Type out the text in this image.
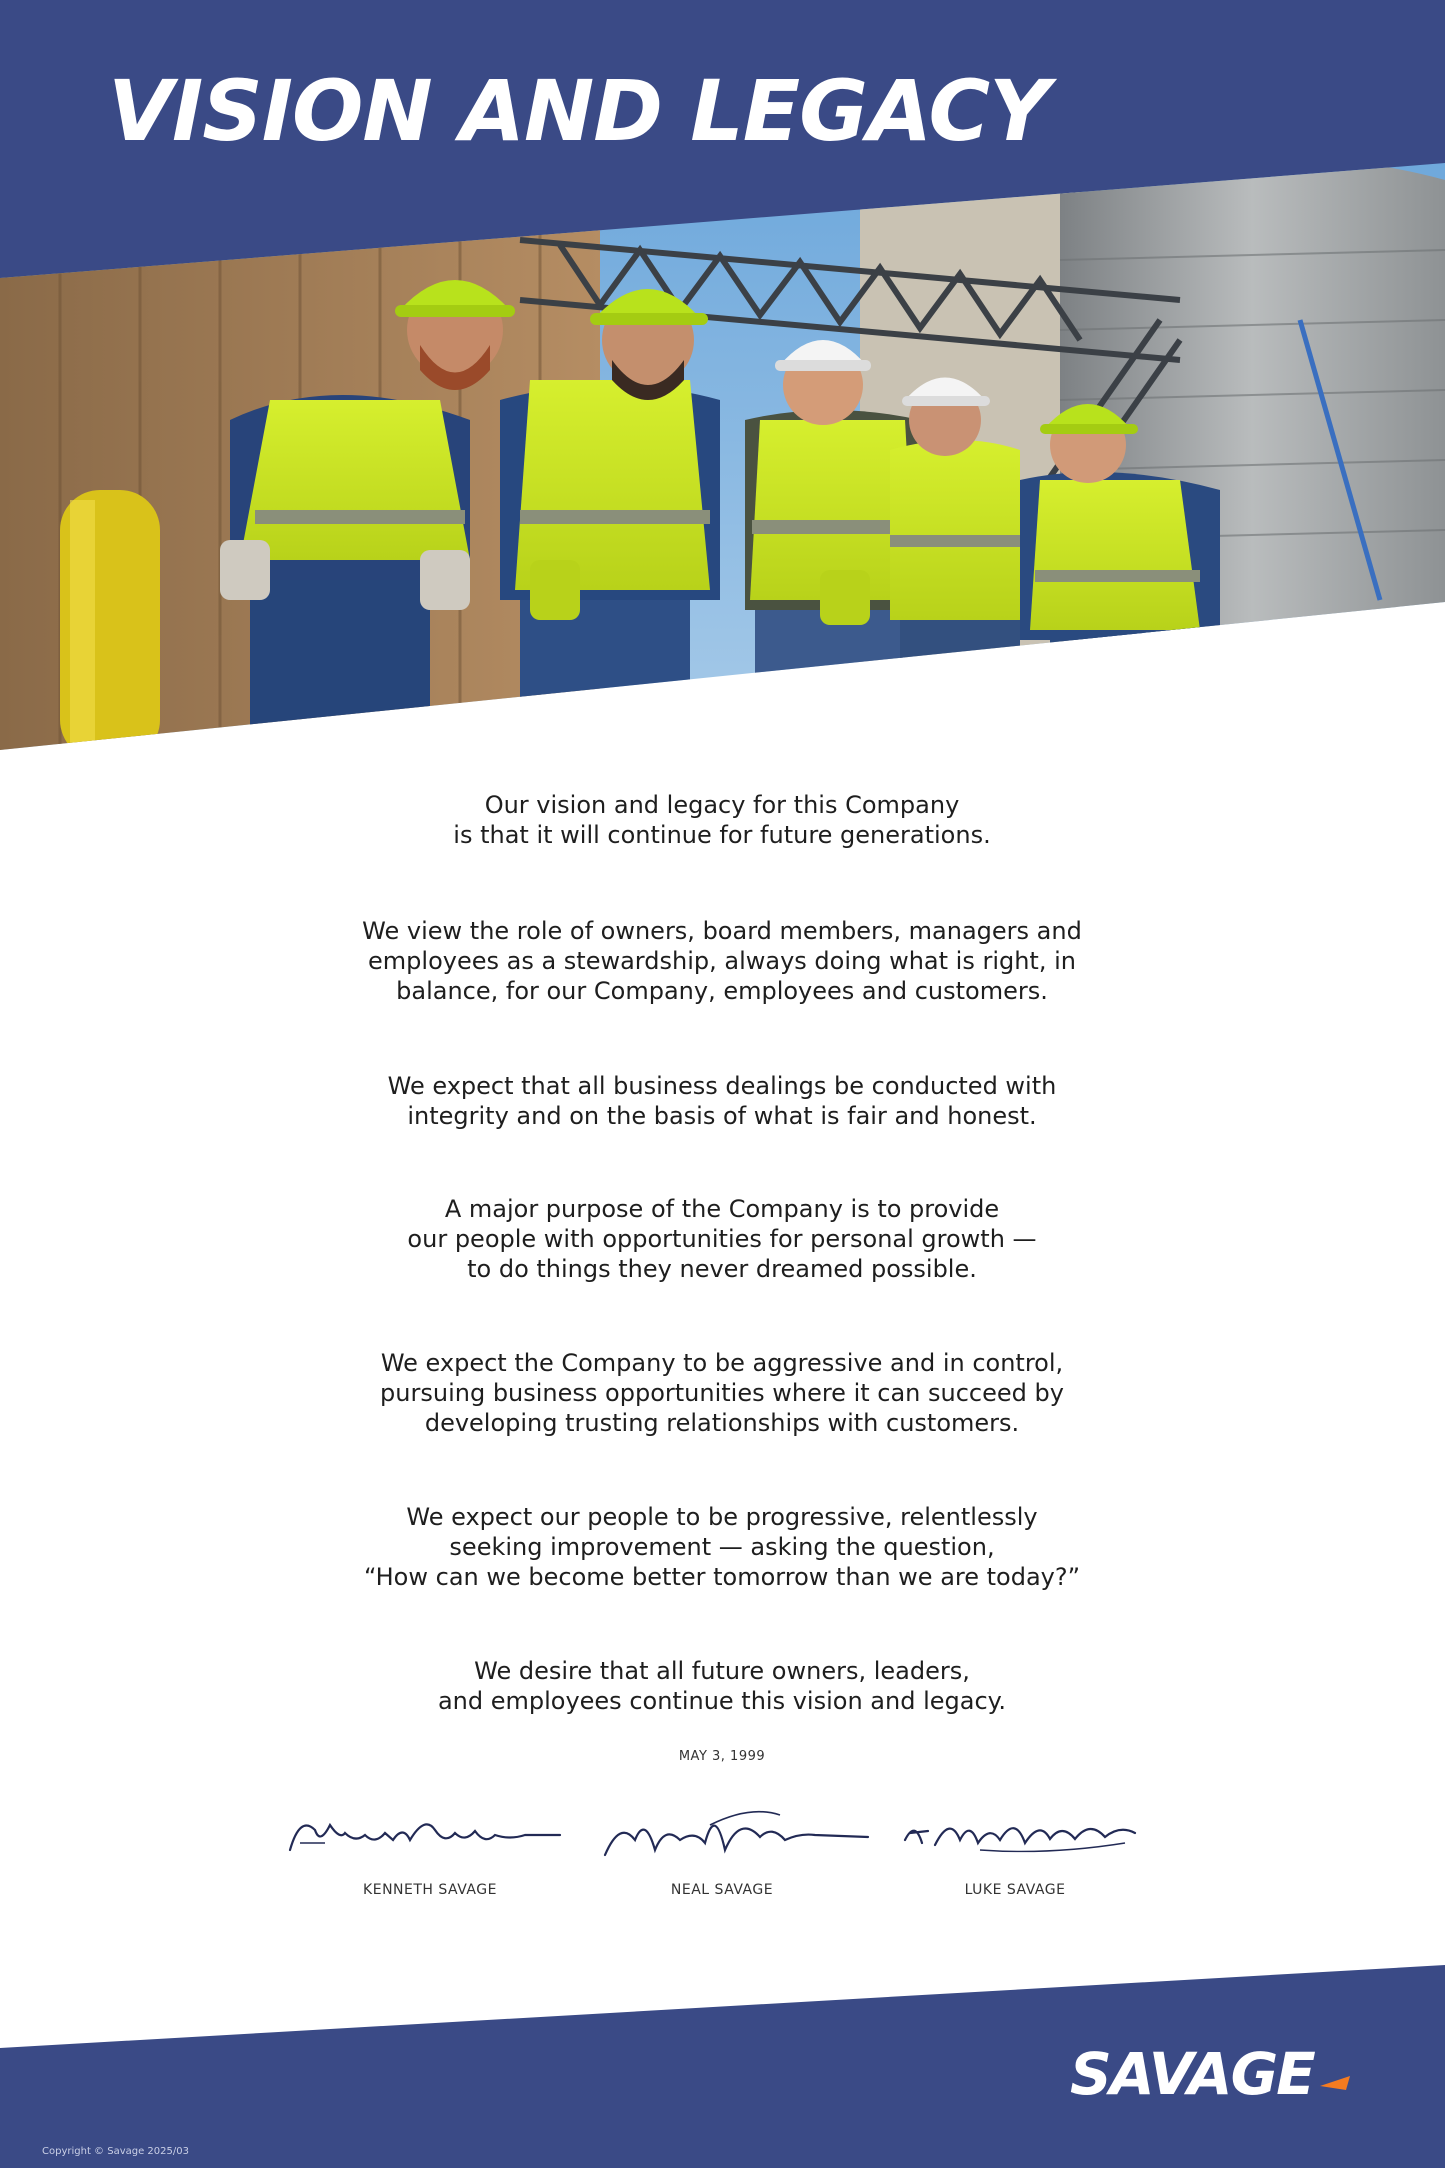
VISION AND LEGACY
Our vision and legacy for this Company
is that it will continue for future generations.
We view the role of owners, board members, managers and
employees as a stewardship, always doing what is right, in
balance, for our Company, employees and customers.
We expect that all business dealings be conducted with
integrity and on the basis of what is fair and honest.
A major purpose of the Company is to provide
our people with opportunities for personal growth —
to do things they never dreamed possible.
We expect the Company to be aggressive and in control,
pursuing business opportunities where it can succeed by
developing trusting relationships with customers.
We expect our people to be progressive, relentlessly
seeking improvement — asking the question,
“How can we become better tomorrow than we are today?”
We desire that all future owners, leaders,
and employees continue this vision and legacy.
MAY 3, 1999
KENNETH SAVAGE	NEAL SAVAGE	LUKE SAVAGE
SAVAGE
Copyright © Savage 2025/03
